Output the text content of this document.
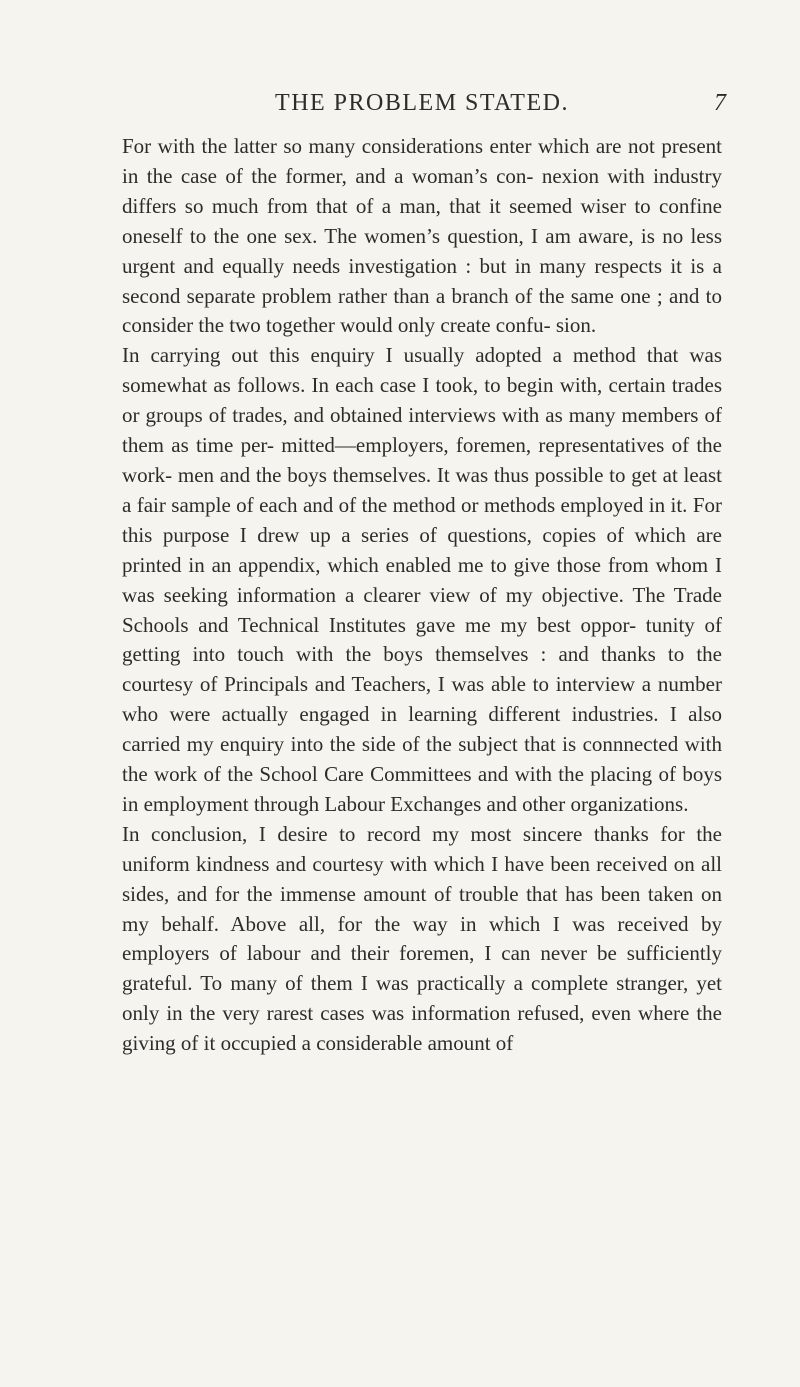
THE PROBLEM STATED.	7

For with the latter so many considerations enter which are not present in the case of the former, and a woman’s con- nexion with industry differs so much from that of a man, that it seemed wiser to confine oneself to the one sex. The women’s question, I am aware, is no less urgent and equally needs investigation : but in many respects it is a second separate problem rather than a branch of the same one ; and to consider the two together would only create confu- sion.

In carrying out this enquiry I usually adopted a method that was somewhat as follows. In each case I took, to begin with, certain trades or groups of trades, and obtained interviews with as many members of them as time per- mitted—employers, foremen, representatives of the work- men and the boys themselves. It was thus possible to get at least a fair sample of each and of the method or methods employed in it. For this purpose I drew up a series of questions, copies of which are printed in an appendix, which enabled me to give those from whom I was seeking information a clearer view of my objective. The Trade Schools and Technical Institutes gave me my best oppor- tunity of getting into touch with the boys themselves : and thanks to the courtesy of Principals and Teachers, I was able to interview a number who were actually engaged in learning different industries. I also carried my enquiry into the side of the subject that is connnected with the work of the School Care Committees and with the placing of boys in employment through Labour Exchanges and other organizations.

In conclusion, I desire to record my most sincere thanks for the uniform kindness and courtesy with which I have been received on all sides, and for the immense amount of trouble that has been taken on my behalf. Above all, for the way in which I was received by employers of labour and their foremen, I can never be sufficiently grateful. To many of them I was practically a complete stranger, yet only in the very rarest cases was information refused, even where the giving of it occupied a considerable amount of
